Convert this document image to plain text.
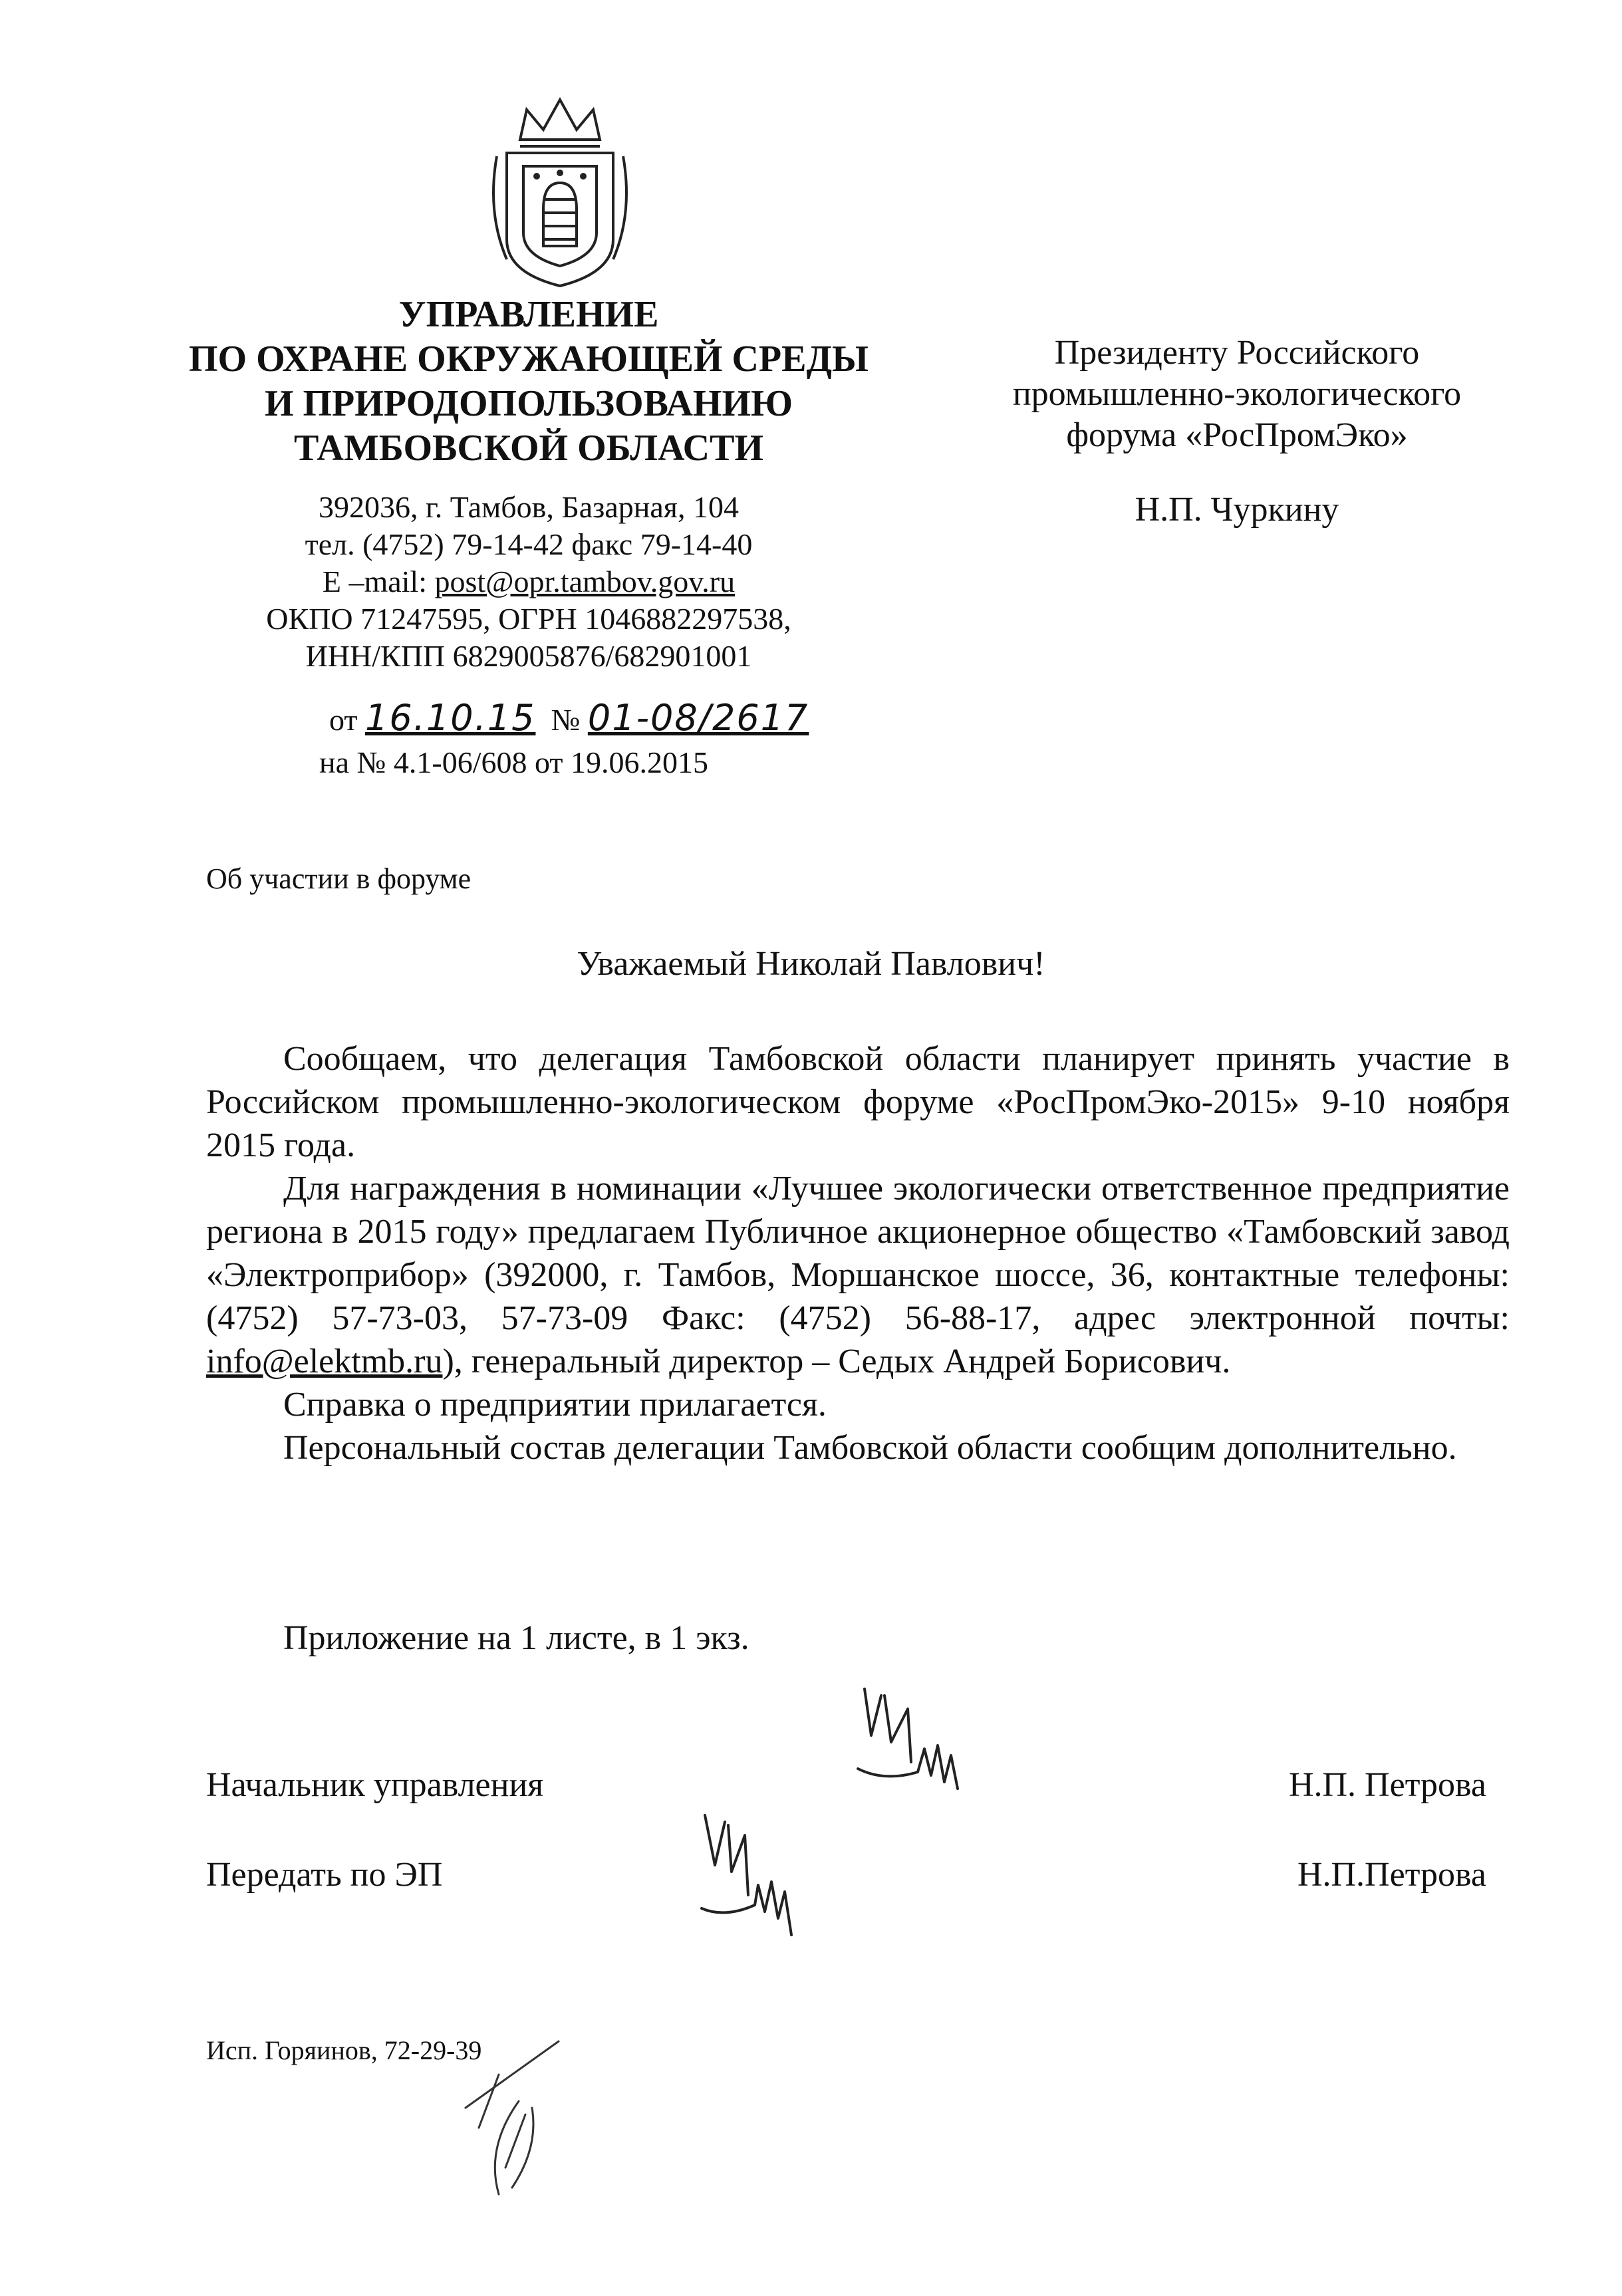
УПРАВЛЕНИЕ
ПО ОХРАНЕ ОКРУЖАЮЩЕЙ СРЕДЫ
И ПРИРОДОПОЛЬЗОВАНИЮ
ТАМБОВСКОЙ ОБЛАСТИ
392036, г. Тамбов, Базарная, 104
тел. (4752) 79-14-42 факс 79-14-40
Е –mail: post@opr.tambov.gov.ru
ОКПО 71247595, ОГРН 1046882297538,
ИНН/КПП 6829005876/682901001
от 16.10.15 № 01-08/2617
на № 4.1-06/608 от 19.06.2015
Президенту Российского
промышленно-экологического
форума «РосПромЭко»
Н.П. Чуркину
Об участии в форуме
Уважаемый Николай Павлович!

Сообщаем, что делегация Тамбовской области планирует принять участие в Российском промышленно-экологическом форуме «РосПромЭко-2015» 9-10 ноября 2015 года.

Для награждения в номинации «Лучшее экологически ответственное предприятие региона в 2015 году» предлагаем Публичное акционерное общество «Тамбовский завод «Электроприбор» (392000, г. Тамбов, Моршанское шоссе, 36, контактные телефоны: (4752) 57-73-03, 57-73-09 Факс: (4752) 56-88-17, адрес электронной почты: info@elektmb.ru), генеральный директор – Седых Андрей Борисович.

Справка о предприятии прилагается.

Персональный состав делегации Тамбовской области сообщим дополнительно.

Приложение на 1 листе, в 1 экз.
Начальник управления	Н.П. Петрова
Передать по ЭП	Н.П.Петрова
Исп. Горяинов, 72-29-39
